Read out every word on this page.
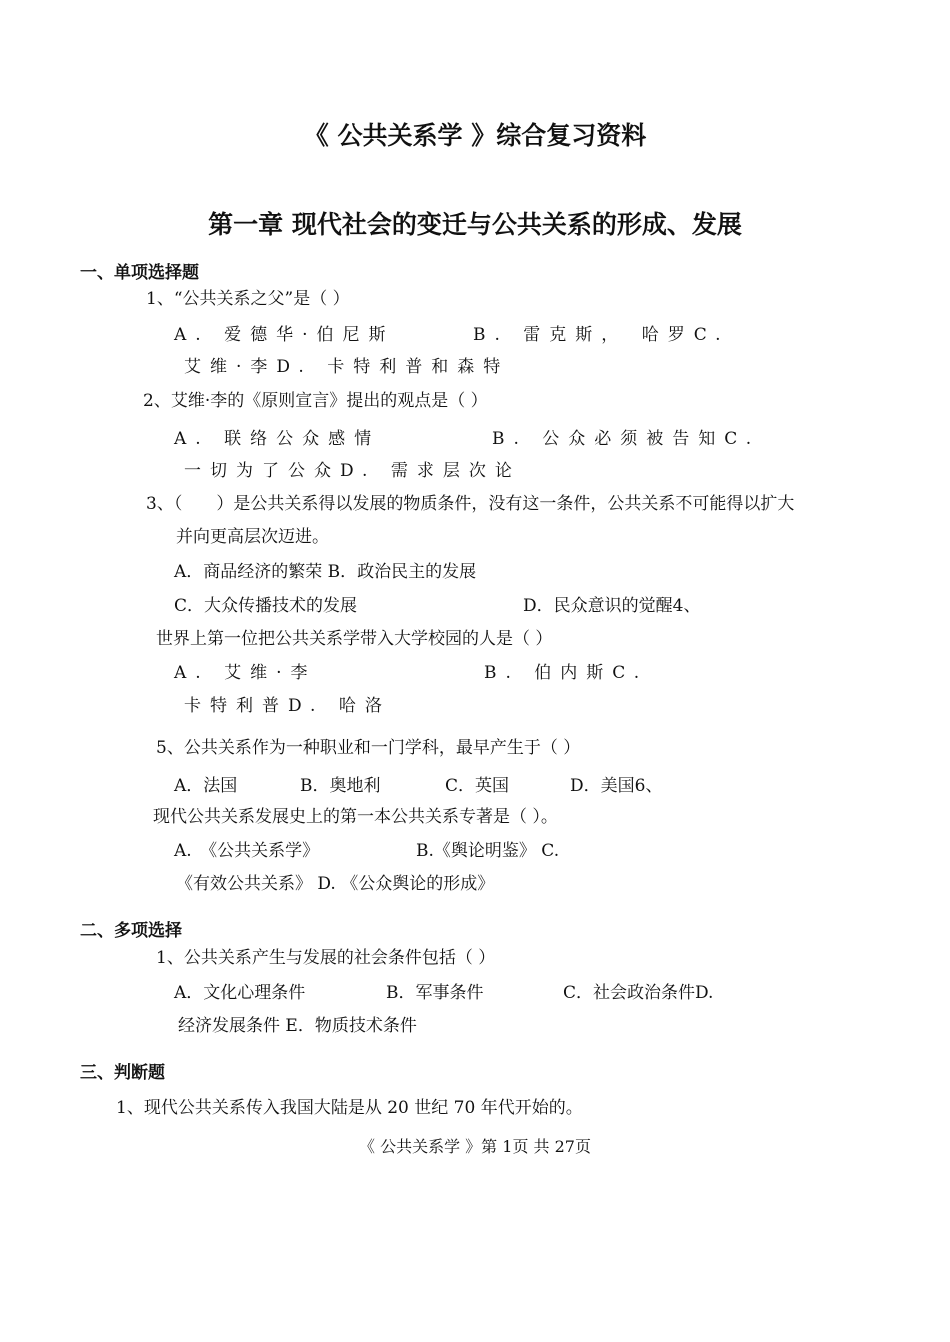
《 公共关系学 》综合复习资料
第一章 现代社会的变迁与公共关系的形成、发展
一、单项选择题
1、“公共关系之父”是（ ）
A. 爱德华·伯尼斯	B. 雷克斯， 哈罗C.
艾维·李D. 卡特利普和森特
2、艾维·李的《原则宣言》提出的观点是（ ）
A. 联络公众感情	B. 公众必须被告知C.
一切为了公众D. 需求层次论
3、（　　）是公共关系得以发展的物质条件，没有这一条件，公共关系不可能得以扩大
并向更高层次迈进。
A．商品经济的繁荣 B．政治民主的发展
C．大众传播技术的发展	D．民众意识的觉醒4、
世界上第一位把公共关系学带入大学校园的人是（ ）
A. 艾维·李	B. 伯内斯C.
卡特利普D. 哈洛
5、公共关系作为一种职业和一门学科，最早产生于（ ）
A．法国	B．奥地利	C．英国	D．美国6、
现代公共关系发展史上的第一本公共关系专著是（ ）。
A.　《公共关系学》	B.《舆论明鉴》 C.
《有效公共关系》 D. 《公众舆论的形成》
二、多项选择
1、公共关系产生与发展的社会条件包括（ ）
A．文化心理条件	B．军事条件	C．社会政治条件D.
经济发展条件 E．物质技术条件
三、判断题
1、现代公共关系传入我国大陆是从 20 世纪 70 年代开始的。
《 公共关系学 》第 1页 共 27页
